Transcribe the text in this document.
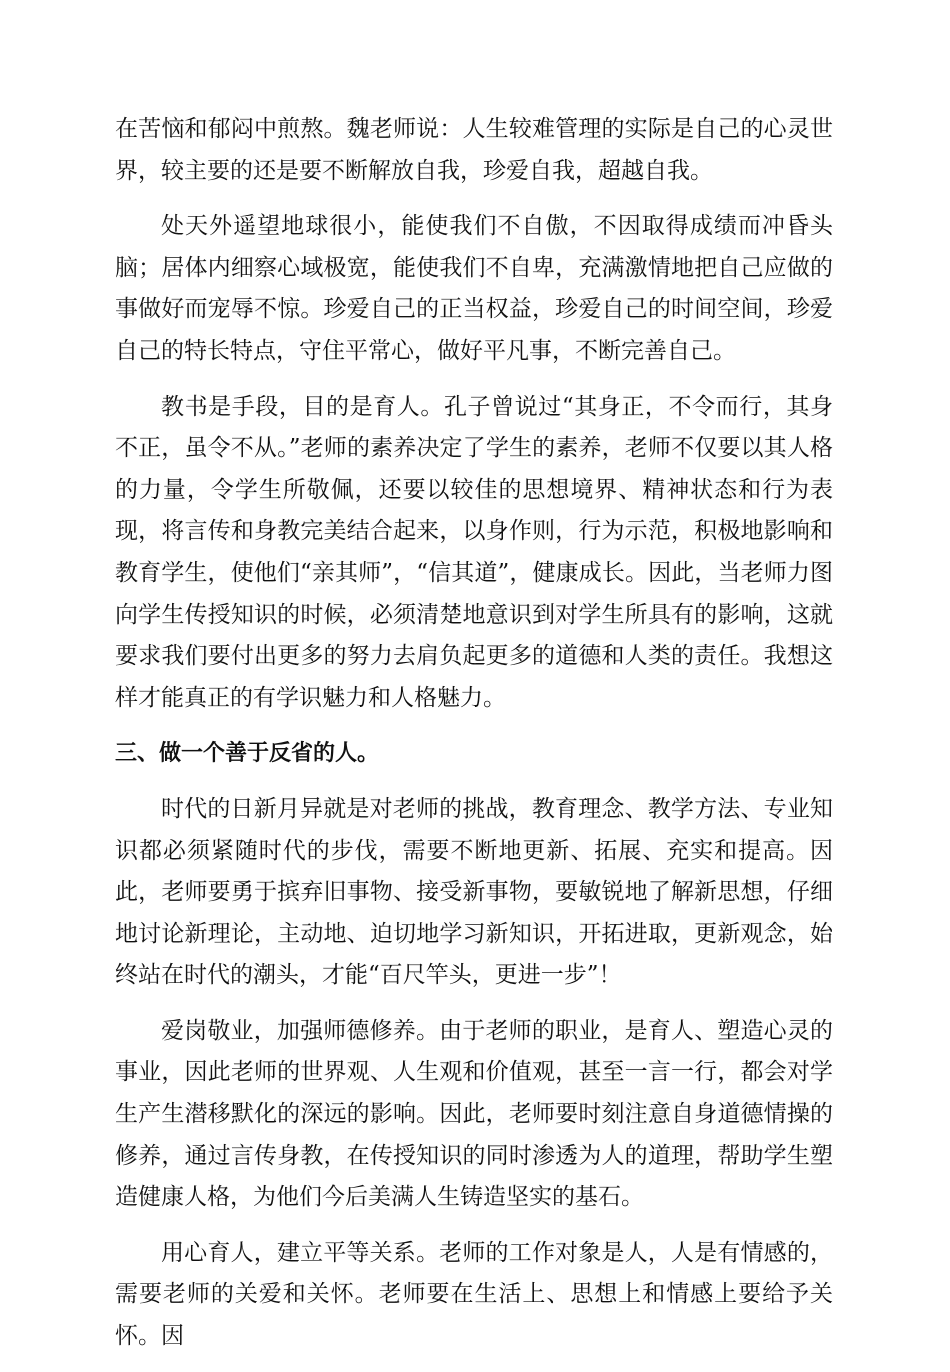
在苦恼和郁闷中煎熬。魏老师说：人生较难管理的实际是自己的心灵世界，较主要的还是要不断解放自我，珍爱自我，超越自我。

处天外遥望地球很小，能使我们不自傲，不因取得成绩而冲昏头脑；居体内细察心域极宽，能使我们不自卑，充满激情地把自己应做的事做好而宠辱不惊。珍爱自己的正当权益，珍爱自己的时间空间，珍爱自己的特长特点，守住平常心，做好平凡事，不断完善自己。

教书是手段，目的是育人。孔子曾说过“其身正，不令而行，其身不正，虽令不从。”老师的素养决定了学生的素养，老师不仅要以其人格的力量，令学生所敬佩，还要以较佳的思想境界、精神状态和行为表现，将言传和身教完美结合起来，以身作则，行为示范，积极地影响和教育学生，使他们“亲其师”，“信其道”，健康成长。因此，当老师力图向学生传授知识的时候，必须清楚地意识到对学生所具有的影响，这就要求我们要付出更多的努力去肩负起更多的道德和人类的责任。我想这样才能真正的有学识魅力和人格魅力。

三、做一个善于反省的人。

时代的日新月异就是对老师的挑战，教育理念、教学方法、专业知识都必须紧随时代的步伐，需要不断地更新、拓展、充实和提高。因此，老师要勇于摈弃旧事物、接受新事物，要敏锐地了解新思想，仔细地讨论新理论，主动地、迫切地学习新知识，开拓进取，更新观念，始终站在时代的潮头，才能“百尺竿头，更进一步”！

爱岗敬业，加强师德修养。由于老师的职业，是育人、塑造心灵的事业，因此老师的世界观、人生观和价值观，甚至一言一行，都会对学生产生潜移默化的深远的影响。因此，老师要时刻注意自身道德情操的修养，通过言传身教，在传授知识的同时渗透为人的道理，帮助学生塑造健康人格，为他们今后美满人生铸造坚实的基石。

用心育人，建立平等关系。老师的工作对象是人，人是有情感的，需要老师的关爱和关怀。老师要在生活上、思想上和情感上要给予关怀。因
